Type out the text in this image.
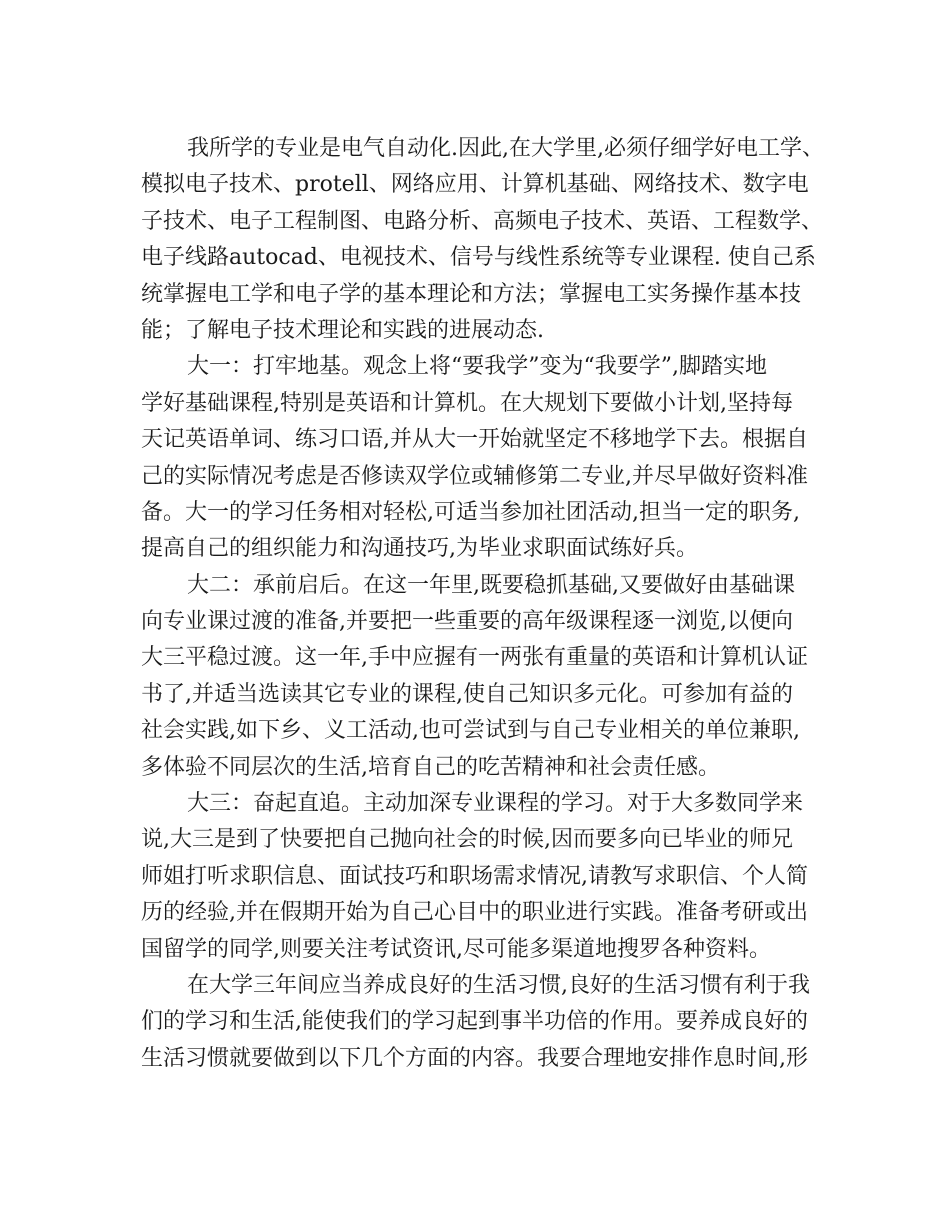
我所学的专业是电气自动化.因此,在大学里,必须仔细学好电工学、
模拟电子技术、protell、网络应用、计算机基础、网络技术、数字电
子技术、电子工程制图、电路分析、高频电子技术、英语、工程数学、
电子线路autocad、电视技术、信号与线性系统等专业课程. 使自己系
统掌握电工学和电子学的基本理论和方法；掌握电工实务操作基本技
能；了解电子技术理论和实践的进展动态.
大一：打牢地基。观念上将“要我学”变为“我要学”,脚踏实地
学好基础课程,特别是英语和计算机。在大规划下要做小计划,坚持每
天记英语单词、练习口语,并从大一开始就坚定不移地学下去。根据自
己的实际情况考虑是否修读双学位或辅修第二专业,并尽早做好资料准
备。大一的学习任务相对轻松,可适当参加社团活动,担当一定的职务,
提高自己的组织能力和沟通技巧,为毕业求职面试练好兵。
大二：承前启后。在这一年里,既要稳抓基础,又要做好由基础课
向专业课过渡的准备,并要把一些重要的高年级课程逐一浏览,以便向
大三平稳过渡。这一年,手中应握有一两张有重量的英语和计算机认证
书了,并适当选读其它专业的课程,使自己知识多元化。可参加有益的
社会实践,如下乡、义工活动,也可尝试到与自己专业相关的单位兼职,
多体验不同层次的生活,培育自己的吃苦精神和社会责任感。
大三：奋起直追。主动加深专业课程的学习。对于大多数同学来
说,大三是到了快要把自己抛向社会的时候,因而要多向已毕业的师兄
师姐打听求职信息、面试技巧和职场需求情况,请教写求职信、个人简
历的经验,并在假期开始为自己心目中的职业进行实践。准备考研或出
国留学的同学,则要关注考试资讯,尽可能多渠道地搜罗各种资料。
在大学三年间应当养成良好的生活习惯,良好的生活习惯有利于我
们的学习和生活,能使我们的学习起到事半功倍的作用。要养成良好的
生活习惯就要做到以下几个方面的内容。我要合理地安排作息时间,形
